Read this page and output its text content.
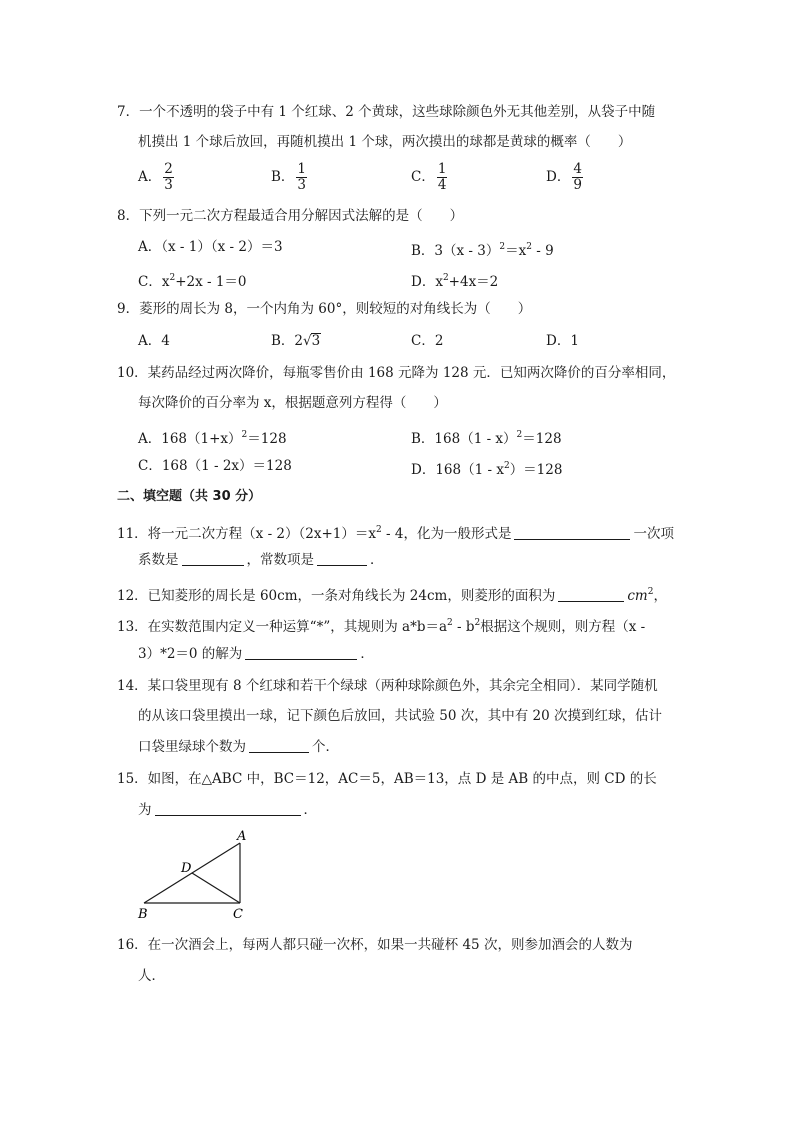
7．一个不透明的袋子中有 1 个红球、2 个黄球，这些球除颜色外无其他差别，从袋子中随
机摸出 1 个球后放回，再随机摸出 1 个球，两次摸出的球都是黄球的概率（　　）
A． $\frac{2}{3}$	B． $\frac{1}{3}$	C． $\frac{1}{4}$	D． $\frac{4}{9}$
8．下列一元二次方程最适合用分解因式法解的是（　　）
A．（x - 1）（x - 2）＝3	B．$3(x - 3)^2=x^2 - 9$
C．$x^2+2x - 1=0$	D．$x^2+4x=2$
9．菱形的周长为 8，一个内角为 60°，则较短的对角线长为（　　）
A．4	B．2√3	C．2	D．1
10．某药品经过两次降价，每瓶零售价由 168 元降为 128 元．已知两次降价的百分率相同，
每次降价的百分率为 x，根据题意列方程得（　　）
A．$168(1+x)^2=128$	B．168（1 - x）$^2$＝128
C．168（1 - 2x）＝128	D．$168(1 - x^2)=128$
二、填空题（共 30 分）
11．将一元二次方程$(x - 2)(2x+1)=x^2 - 4$，化为一般形式是	一次项
系数是	，常数项是	．
12．已知菱形的周长是 60cm，一条对角线长为 24cm，则菱形的面积为	$cm^2$，
13．在实数范围内定义一种运算“*”，其规则为 $a*b=a^2 - b^2$根据这个规则，则方程（x -
3）*2＝0 的解为	．
14．某口袋里现有 8 个红球和若干个绿球（两种球除颜色外，其余完全相同）．某同学随机
的从该口袋里摸出一球，记下颜色后放回，共试验 50 次，其中有 20 次摸到红球，估计
口袋里绿球个数为	个．
15．如图，在△ABC 中，BC＝12，AC＝5，AB＝13，点 D 是 AB 的中点，则 CD 的长
为	．
A
B	C
D
16．在一次酒会上，每两人都只碰一次杯，如果一共碰杯 45 次，则参加酒会的人数为
人．
